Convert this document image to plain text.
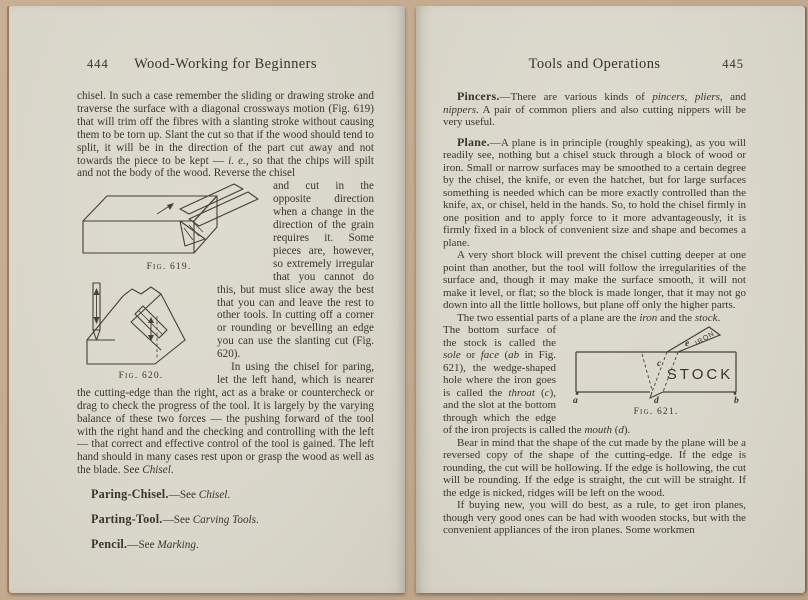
444 Wood-Working for Beginners

chisel. In such a case remember the sliding or drawing stroke and traverse the surface with a diagonal crossways motion (Fig. 619) that will trim off the fibres with a slanting stroke without causing them to be torn up. Slant the cut so that if the wood should tend to split, it will be in the direction of the part cut away and not towards the piece to be kept — i. e., so that the chips will spilt and not the body of the wood. Reverse the chisel

Fig. 619.
Fig. 620.
and cut in the opposite direction when a change in the direction of the grain requires it. Some pieces are, however, so extremely irregular that you cannot do this, but must slice away the best that you can and leave the rest to other tools. In cutting off a corner or rounding or bevelling an edge you can use the slanting cut (Fig. 620).

In using the chisel for paring, let the left hand, which is nearer the cutting-edge than the right, act as a brake or countercheck or drag to check the progress of the tool. It is largely by the varying balance of these two forces — the pushing forward of the tool with the right hand and the checking and controlling with the left — that correct and effective control of the tool is gained. The left hand should in many cases rest upon or grasp the wood as well as the blade. See Chisel.

Paring-Chisel.—See Chisel.

Parting-Tool.—See Carving Tools.

Pencil.—See Marking.

Tools and Operations	445

Pincers.—There are various kinds of pincers, pliers, and nippers. A pair of common pliers and also cutting nippers will be very useful.

Plane.—A plane is in principle (roughly speaking), as you will readily see, nothing but a chisel stuck through a block of wood or iron. Small or narrow surfaces may be smoothed to a certain degree by the chisel, the knife, or even the hatchet, but for large surfaces something is needed which can be more exactly controlled than the knife, ax, or chisel, held in the hands. So, to hold the chisel firmly in one position and to apply force to it more advantageously, it is firmly fixed in a block of convenient size and shape and becomes a plane.

A very short block will prevent the chisel cutting deeper at one point than another, but the tool will follow the irregularities of the surface and, though it may make the surface smooth, it will not make it level, or flat; so the block is made longer, that it may not go down into all the little hollows, but plane off only the higher parts.

The two essential parts of a plane are the iron and the stock.

STOCK
IRON
e
c
a	d	b
Fig. 621.
The bottom surface of the stock is called the sole or face (ab in Fig. 621), the wedge-shaped hole where the iron goes is called the throat (c), and the slot at the bottom through which the edge of the iron projects is called the mouth (d).

Bear in mind that the shape of the cut made by the plane will be a reversed copy of the shape of the cutting-edge. If the edge is rounding, the cut will be hollowing. If the edge is hollowing, the cut will be rounding. If the edge is straight, the cut will be straight. If the edge is nicked, ridges will be left on the wood.

If buying new, you will do best, as a rule, to get iron planes, though very good ones can be had with wooden stocks, but with the convenient appliances of the iron planes. Some workmen
